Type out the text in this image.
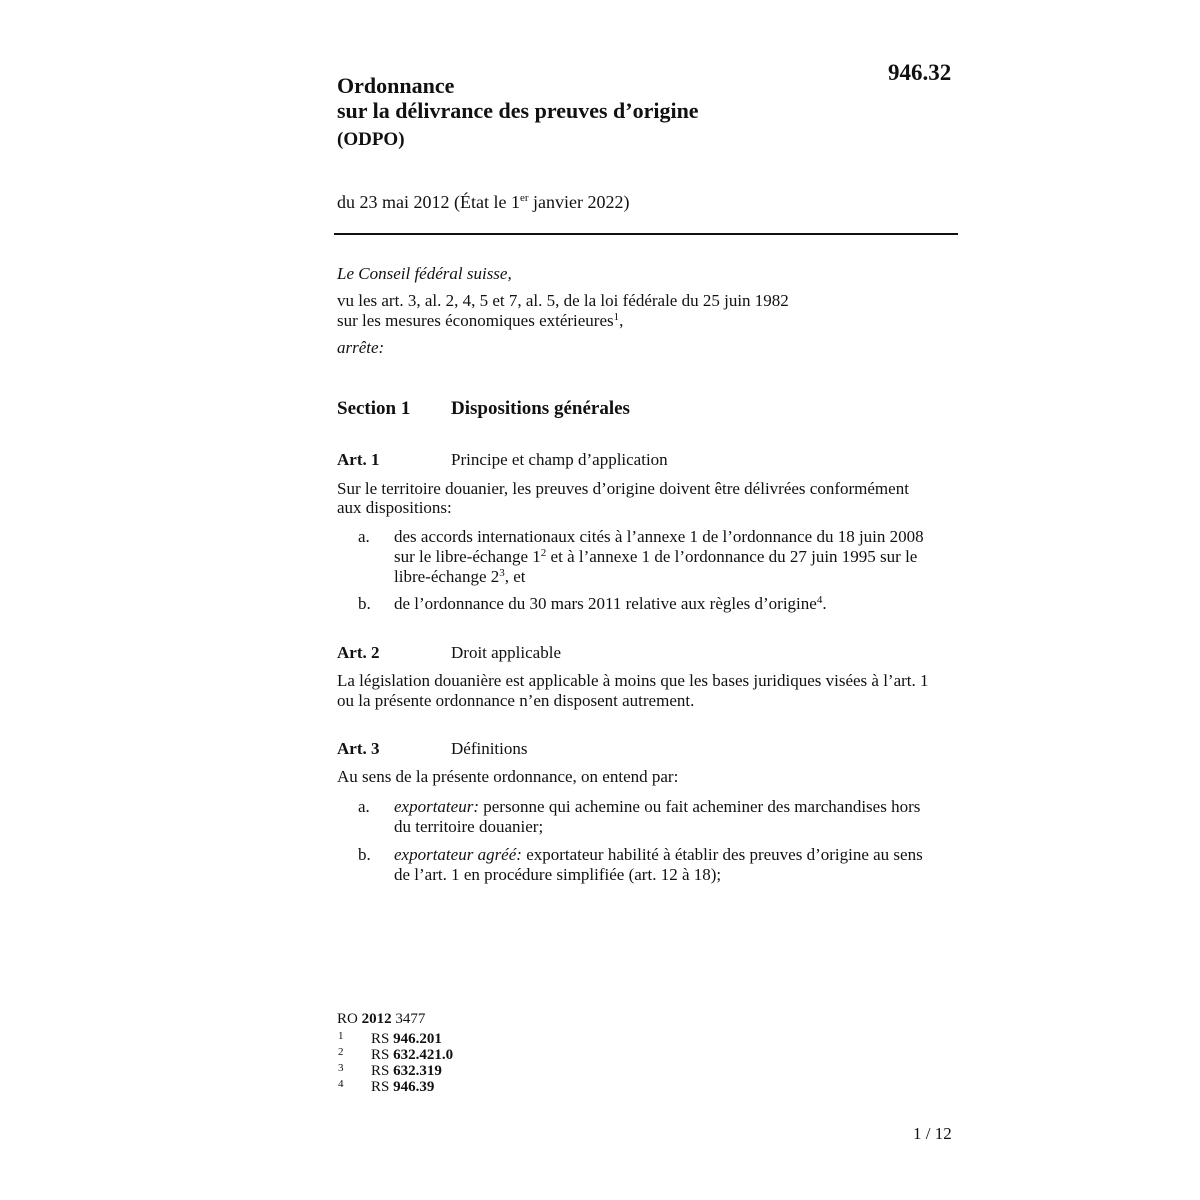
946.32
Ordonnance
sur la délivrance des preuves d’origine
(ODPO)
du 23 mai 2012 (État le 1er janvier 2022)
Le Conseil fédéral suisse,
vu les art. 3, al. 2, 4, 5 et 7, al. 5, de la loi fédérale du 25 juin 1982
sur les mesures économiques extérieures$^1$,
arrête:
Section 1 Dispositions générales
Art. 1	Principe et champ d’application
Sur le territoire douanier, les preuves d’origine doivent être délivrées conformément
aux dispositions:
a. des accords internationaux cités à l’annexe 1 de l’ordonnance du 18 juin 2008
sur le libre-échange 1$^2$ et à l’annexe 1 de l’ordonnance du 27 juin 1995 sur le
libre-échange 2$^3$, et
b. de l’ordonnance du 30 mars 2011 relative aux règles d’origine$^4$.
Art. 2	Droit applicable
La législation douanière est applicable à moins que les bases juridiques visées à l’art. 1
ou la présente ordonnance n’en disposent autrement.
Art. 3	Définitions
Au sens de la présente ordonnance, on entend par:
a. exportateur: personne qui achemine ou fait acheminer des marchandises hors
du territoire douanier;
b. exportateur agréé: exportateur habilité à établir des preuves d’origine au sens
de l’art. 1 en procédure simplifiée (art. 12 à 18);
RO 2012 3477
1 RS 946.201
2 RS 632.421.0
3 RS 632.319
4 RS 946.39
1 / 12
